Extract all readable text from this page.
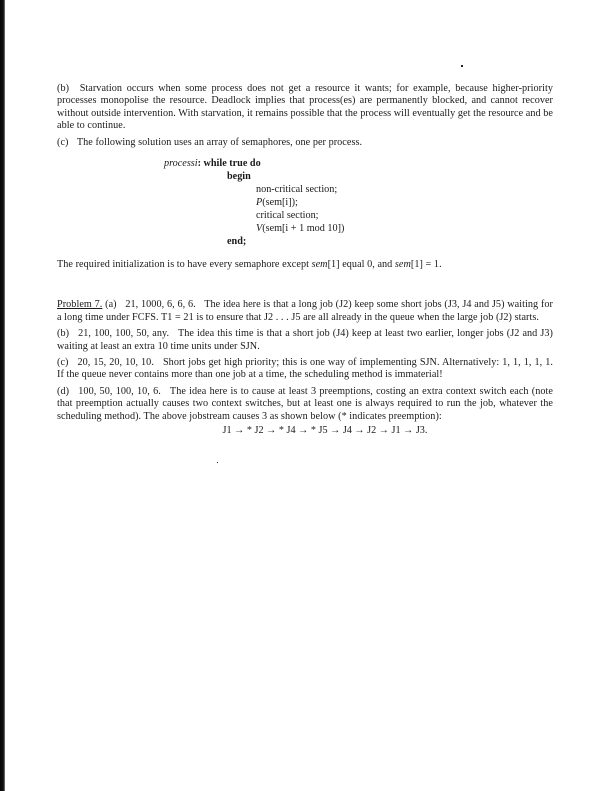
(b) Starvation occurs when some process does not get a resource it wants; for example, because higher-priority processes monopolise the resource. Deadlock implies that process(es) are permanently blocked, and cannot recover without outside intervention. With starvation, it remains possible that the process will eventually get the resource and be able to continue.

(c) The following solution uses an array of semaphores, one per process.

processi: while true do
begin
non-critical section;
P(sem[i]);
critical section;
V(sem[i + 1 mod 10])
end;

The required initialization is to have every semaphore except sem[1] equal 0, and sem[1] = 1.

Problem 7. (a) 21, 1000, 6, 6, 6. The idea here is that a long job (J2) keep some short jobs (J3, J4 and J5) waiting for a long time under FCFS. T1 = 21 is to ensure that J2 . . . J5 are all already in the queue when the large job (J2) starts.

(b) 21, 100, 100, 50, any. The idea this time is that a short job (J4) keep at least two earlier, longer jobs (J2 and J3) waiting at least an extra 10 time units under SJN.

(c) 20, 15, 20, 10, 10. Short jobs get high priority; this is one way of implementing SJN. Alternatively: 1, 1, 1, 1, 1. If the queue never contains more than one job at a time, the scheduling method is immaterial!

(d) 100, 50, 100, 10, 6. The idea here is to cause at least 3 preemptions, costing an extra context switch each (note that preemption actually causes two context switches, but at least one is always required to run the job, whatever the scheduling method). The above jobstream causes 3 as shown below (* indicates preemption):

J1 → * J2 → * J4 → * J5 → J4 → J2 → J1 → J3.
